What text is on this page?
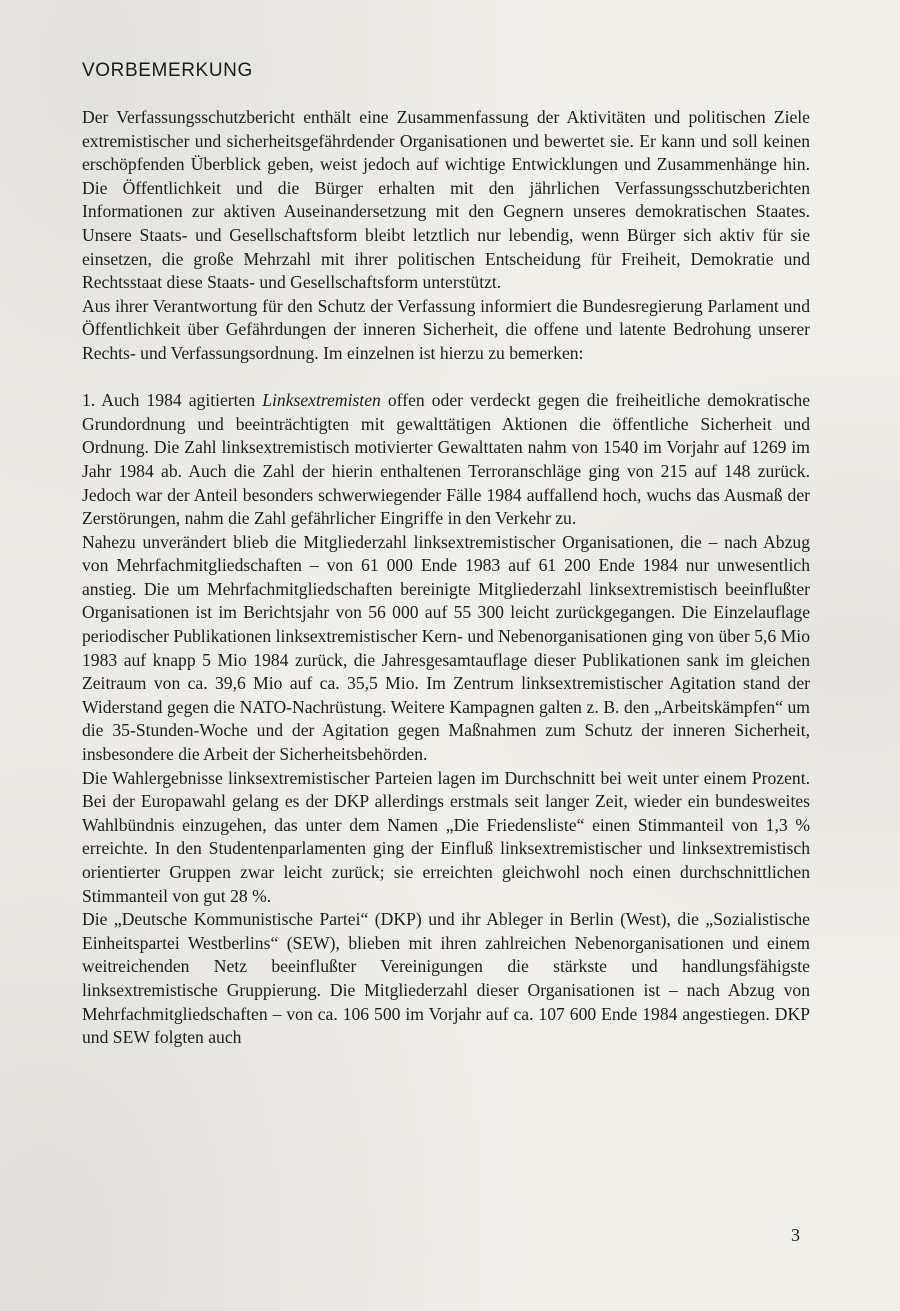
VORBEMERKUNG

Der Verfassungsschutzbericht enthält eine Zusammenfassung der Aktivitäten und politischen Ziele extremistischer und sicherheitsgefährdender Organisationen und bewertet sie. Er kann und soll keinen erschöpfenden Überblick geben, weist jedoch auf wichtige Entwicklungen und Zusammenhänge hin. Die Öffentlichkeit und die Bürger erhalten mit den jährlichen Verfassungsschutzberichten Informationen zur aktiven Auseinandersetzung mit den Gegnern unseres demokratischen Staates. Unsere Staats- und Gesellschaftsform bleibt letztlich nur lebendig, wenn Bürger sich aktiv für sie einsetzen, die große Mehrzahl mit ihrer politischen Entscheidung für Freiheit, Demokratie und Rechtsstaat diese Staats- und Gesellschaftsform unterstützt.

Aus ihrer Verantwortung für den Schutz der Verfassung informiert die Bundesregierung Parlament und Öffentlichkeit über Gefährdungen der inneren Sicherheit, die offene und latente Bedrohung unserer Rechts- und Verfassungsordnung. Im einzelnen ist hierzu zu bemerken:

1. Auch 1984 agitierten Linksextremisten offen oder verdeckt gegen die freiheitliche demokratische Grundordnung und beeinträchtigten mit gewalttätigen Aktionen die öffentliche Sicherheit und Ordnung. Die Zahl linksextremistisch motivierter Gewalttaten nahm von 1540 im Vorjahr auf 1269 im Jahr 1984 ab. Auch die Zahl der hierin enthaltenen Terroranschläge ging von 215 auf 148 zurück. Jedoch war der Anteil besonders schwerwiegender Fälle 1984 auffallend hoch, wuchs das Ausmaß der Zerstörungen, nahm die Zahl gefährlicher Eingriffe in den Verkehr zu.

Nahezu unverändert blieb die Mitgliederzahl linksextremistischer Organisationen, die – nach Abzug von Mehrfachmitgliedschaften – von 61 000 Ende 1983 auf 61 200 Ende 1984 nur unwesentlich anstieg. Die um Mehrfachmitgliedschaften bereinigte Mitgliederzahl linksextremistisch beeinflußter Organisationen ist im Berichtsjahr von 56 000 auf 55 300 leicht zurückgegangen. Die Einzelauflage periodischer Publikationen linksextremistischer Kern- und Nebenorganisationen ging von über 5,6 Mio 1983 auf knapp 5 Mio 1984 zurück, die Jahresgesamtauflage dieser Publikationen sank im gleichen Zeitraum von ca. 39,6 Mio auf ca. 35,5 Mio. Im Zentrum linksextremistischer Agitation stand der Widerstand gegen die NATO-Nachrüstung. Weitere Kampagnen galten z. B. den „Arbeitskämpfen“ um die 35-Stunden-Woche und der Agitation gegen Maßnahmen zum Schutz der inneren Sicherheit, insbesondere die Arbeit der Sicherheitsbehörden.

Die Wahlergebnisse linksextremistischer Parteien lagen im Durchschnitt bei weit unter einem Prozent. Bei der Europawahl gelang es der DKP allerdings erstmals seit langer Zeit, wieder ein bundesweites Wahlbündnis einzugehen, das unter dem Namen „Die Friedensliste“ einen Stimmanteil von 1,3 % erreichte. In den Studentenparlamenten ging der Einfluß linksextremistischer und linksextremistisch orientierter Gruppen zwar leicht zurück; sie erreichten gleichwohl noch einen durchschnittlichen Stimmanteil von gut 28 %.

Die „Deutsche Kommunistische Partei“ (DKP) und ihr Ableger in Berlin (West), die „Sozialistische Einheitspartei Westberlins“ (SEW), blieben mit ihren zahlreichen Nebenorganisationen und einem weitreichenden Netz beeinflußter Vereinigungen die stärkste und handlungsfähigste linksextremistische Gruppierung. Die Mitgliederzahl dieser Organisationen ist – nach Abzug von Mehrfachmitgliedschaften – von ca. 106 500 im Vorjahr auf ca. 107 600 Ende 1984 angestiegen. DKP und SEW folgten auch

3
